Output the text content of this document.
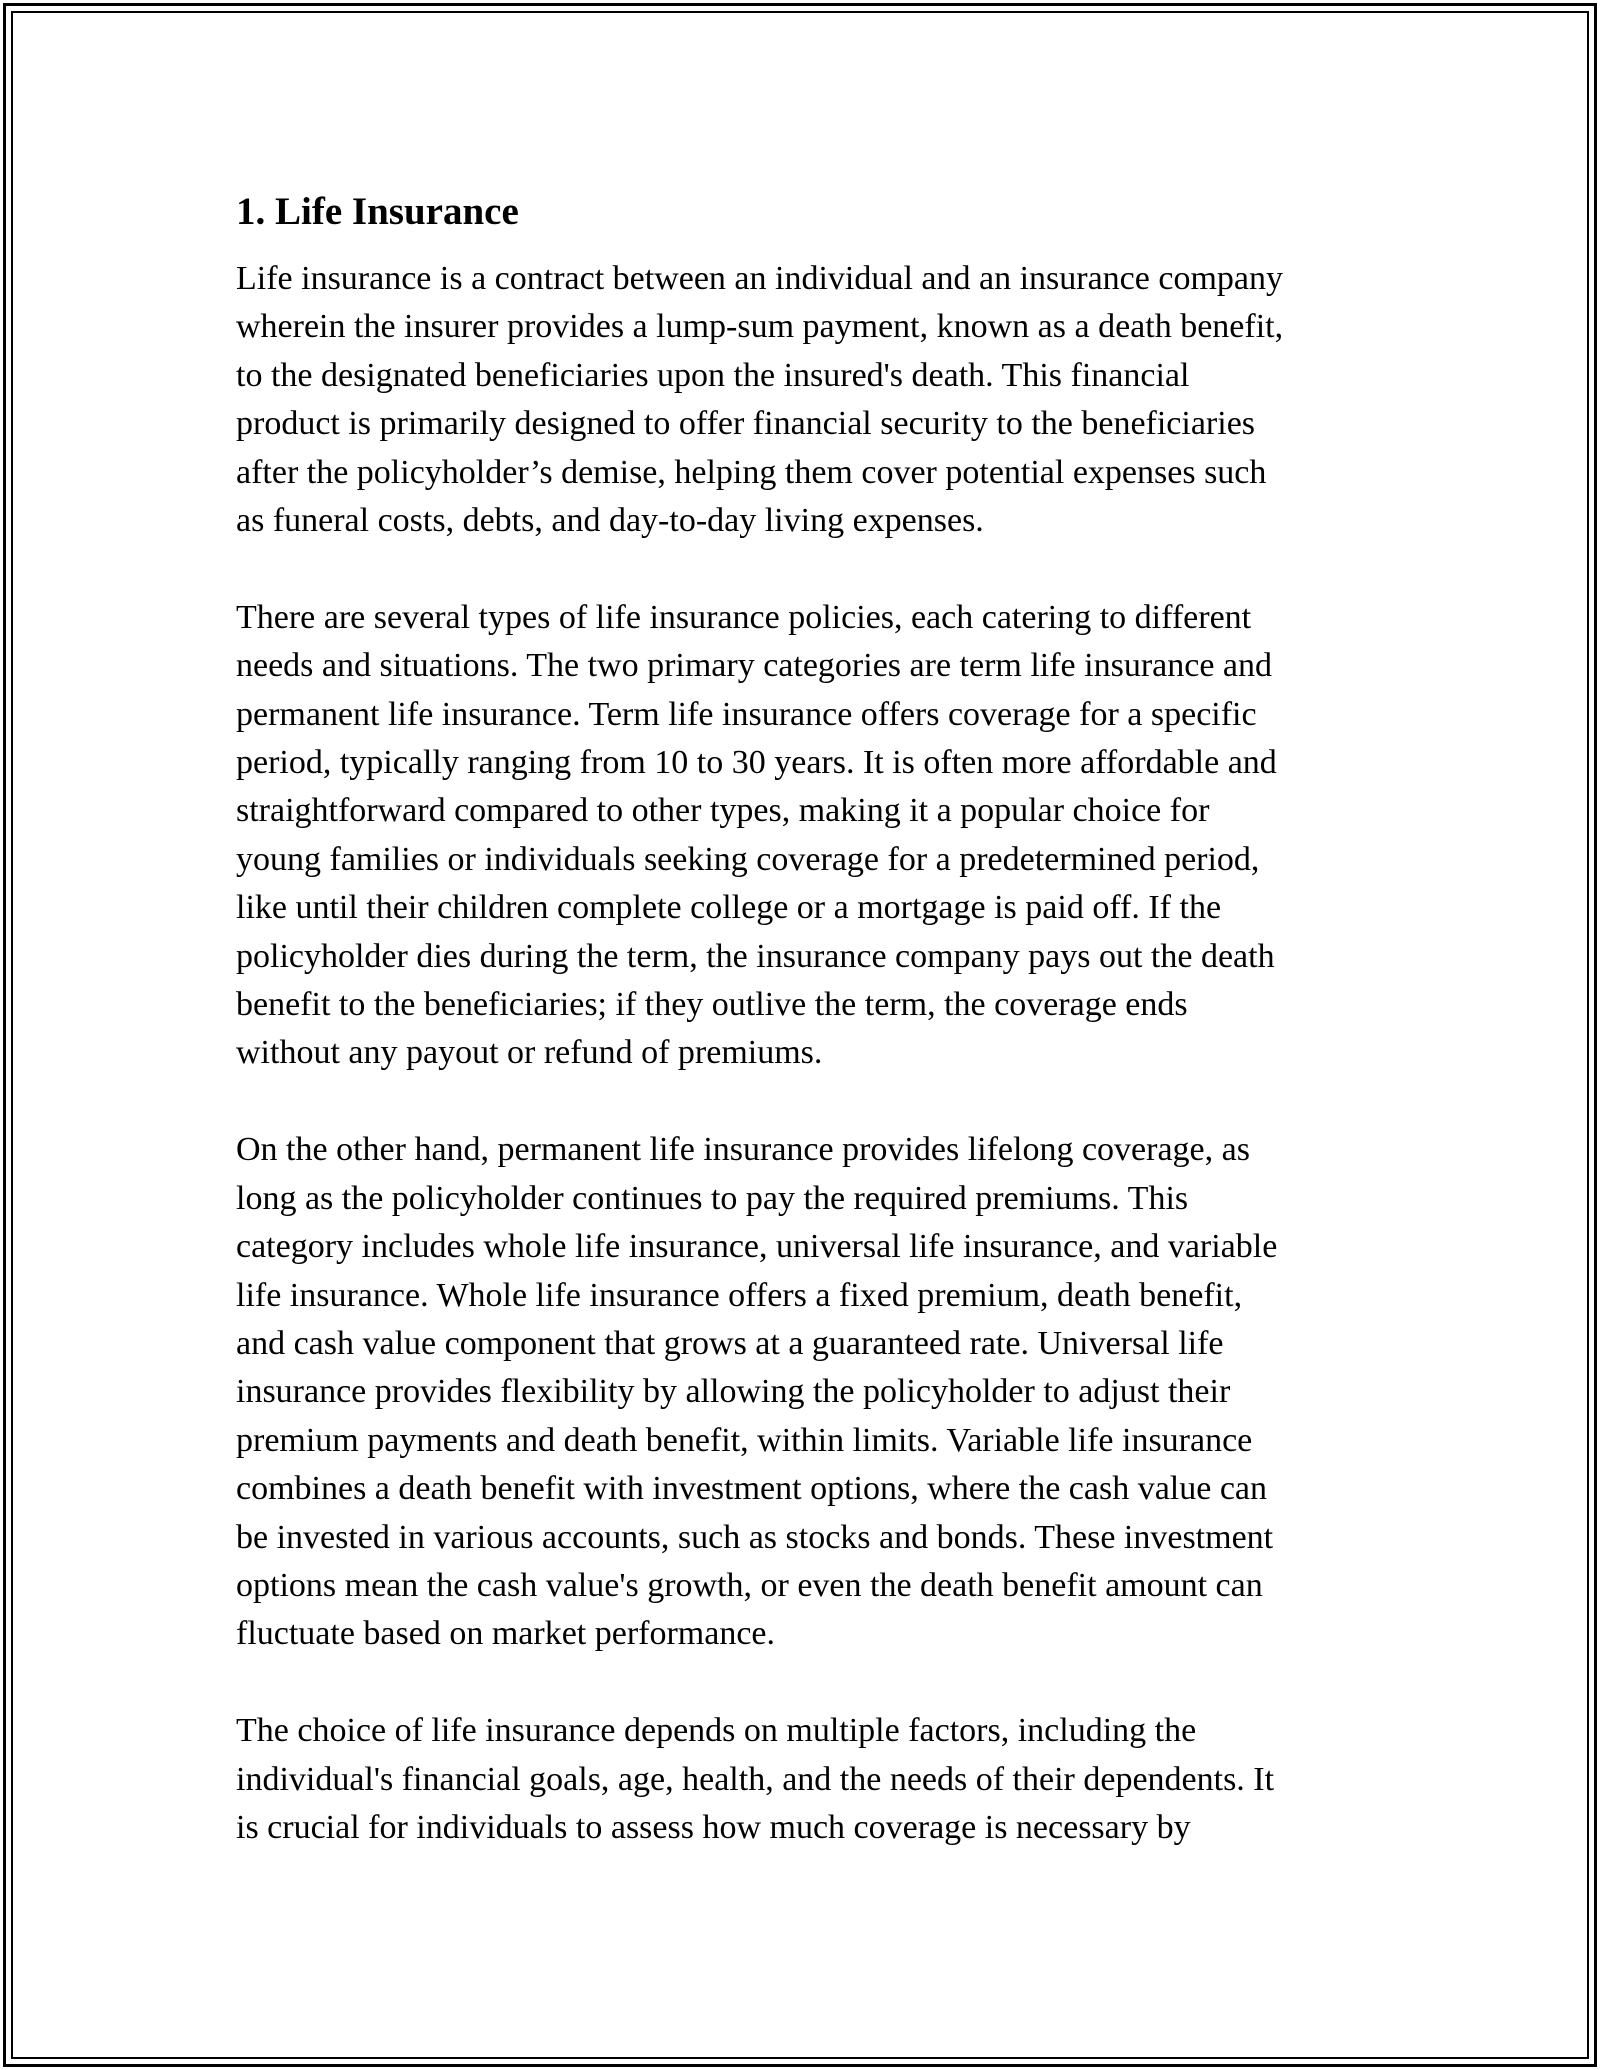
1. Life Insurance

Life insurance is a contract between an individual and an insurance company
wherein the insurer provides a lump-sum payment, known as a death benefit,
to the designated beneficiaries upon the insured's death. This financial
product is primarily designed to offer financial security to the beneficiaries
after the policyholder’s demise, helping them cover potential expenses such
as funeral costs, debts, and day-to-day living expenses.

There are several types of life insurance policies, each catering to different
needs and situations. The two primary categories are term life insurance and
permanent life insurance. Term life insurance offers coverage for a specific
period, typically ranging from 10 to 30 years. It is often more affordable and
straightforward compared to other types, making it a popular choice for
young families or individuals seeking coverage for a predetermined period,
like until their children complete college or a mortgage is paid off. If the
policyholder dies during the term, the insurance company pays out the death
benefit to the beneficiaries; if they outlive the term, the coverage ends
without any payout or refund of premiums.

On the other hand, permanent life insurance provides lifelong coverage, as
long as the policyholder continues to pay the required premiums. This
category includes whole life insurance, universal life insurance, and variable
life insurance. Whole life insurance offers a fixed premium, death benefit,
and cash value component that grows at a guaranteed rate. Universal life
insurance provides flexibility by allowing the policyholder to adjust their
premium payments and death benefit, within limits. Variable life insurance
combines a death benefit with investment options, where the cash value can
be invested in various accounts, such as stocks and bonds. These investment
options mean the cash value's growth, or even the death benefit amount can
fluctuate based on market performance.

The choice of life insurance depends on multiple factors, including the
individual's financial goals, age, health, and the needs of their dependents. It
is crucial for individuals to assess how much coverage is necessary by
